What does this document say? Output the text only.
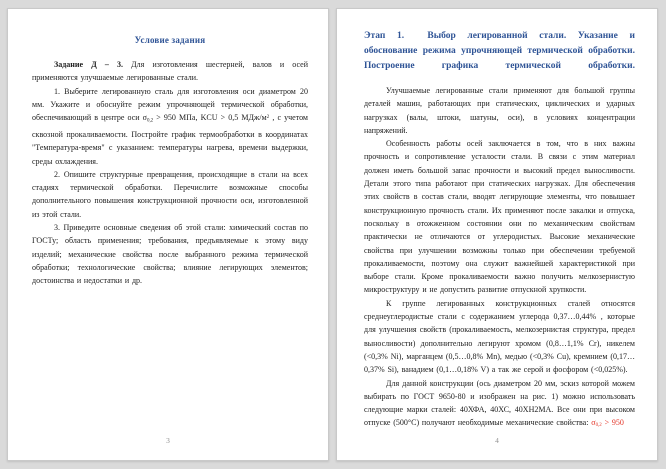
Условие задания

Задание Д – 3. Для изготовления шестерней, валов и осей применяются улучшаемые легированные стали.

1. Выберите легированную сталь для изготовления оси диаметром 20 мм. Укажите и обоснуйте режим упрочняющей термической обработки, обеспечивающий в центре оси σ0,2 > 950 МПа, KCU > 0,5 МДж/$м^2$ , с учетом сквозной прокаливаемости. Постройте график термообработки в координатах "Температура-время" с указанием: температуры нагрева, времени выдержки, среды охлаждения.

2. Опишите структурные превращения, происходящие в стали на всех стадиях термической обработки. Перечислите возможные способы дополнительного повышения конструкционной прочности оси, изготовленной из этой стали.

3. Приведите основные сведения об этой стали: химический состав по ГОСТу; область применения; требования, предъявляемые к этому виду изделий; механические свойства после выбранного режима термической обработки; технологические свойства; влияние легирующих элементов; достоинства и недостатки и др.

3
Этап 1.  Выбор легированной стали. Указание и обоснование режима упрочняющей термической обработки. Построение графика термической обработки.

Улучшаемые легированные стали применяют для большой группы деталей машин, работающих при статических, циклических и ударных нагрузках (валы, штоки, шатуны, оси), в условиях концентрации напряжений.

Особенность работы осей заключается в том, что в них важны прочность и сопротивление усталости стали. В связи с этим материал должен иметь большой запас прочности и высокий предел выносливости. Детали этого типа работают при статических нагрузках. Для обеспечения этих свойств в состав стали, вводят легирующие элементы, что повышает конструкционную прочность стали. Их применяют после закалки и отпуска, поскольку в отожженном состоянии они по механическим свойствам практически не отличаются от углеродистых. Высокие механические свойства при улучшении возможны только при обеспечении требуемой прокаливаемости, поэтому она служит важнейшей характеристикой при выборе стали. Кроме прокаливаемости важно получить мелкозернистую микроструктуру и не допустить развитие отпускной хрупкости.

К группе легированных конструкционных сталей относятся среднеуглеродистые стали с содержанием углерода 0,37…0,44% , которые для улучшения свойств (прокаливаемость, мелкозернистая структура, предел выносливости) дополнительно легируют хромом (0,8…1,1% Cr), никелем (<0,3% Ni), марганцем (0,5…0,8% Mn), медью (<0,3% Cu), кремнием (0,17…0,37% Si), ванадием (0,1…0,18% V) а так же серой и фосфором (<0,025%).

Для данной конструкции (ось диаметром 20 мм, эскиз которой можем выбирать по ГОСТ 9650-80 и изображен на рис. 1) можно использовать следующие марки сталей: 40ХФА, 40ХС, 40ХН2МА. Все они при высоком отпуске (500°С) получают необходимые механические свойства: σ0,2 > 950

4
